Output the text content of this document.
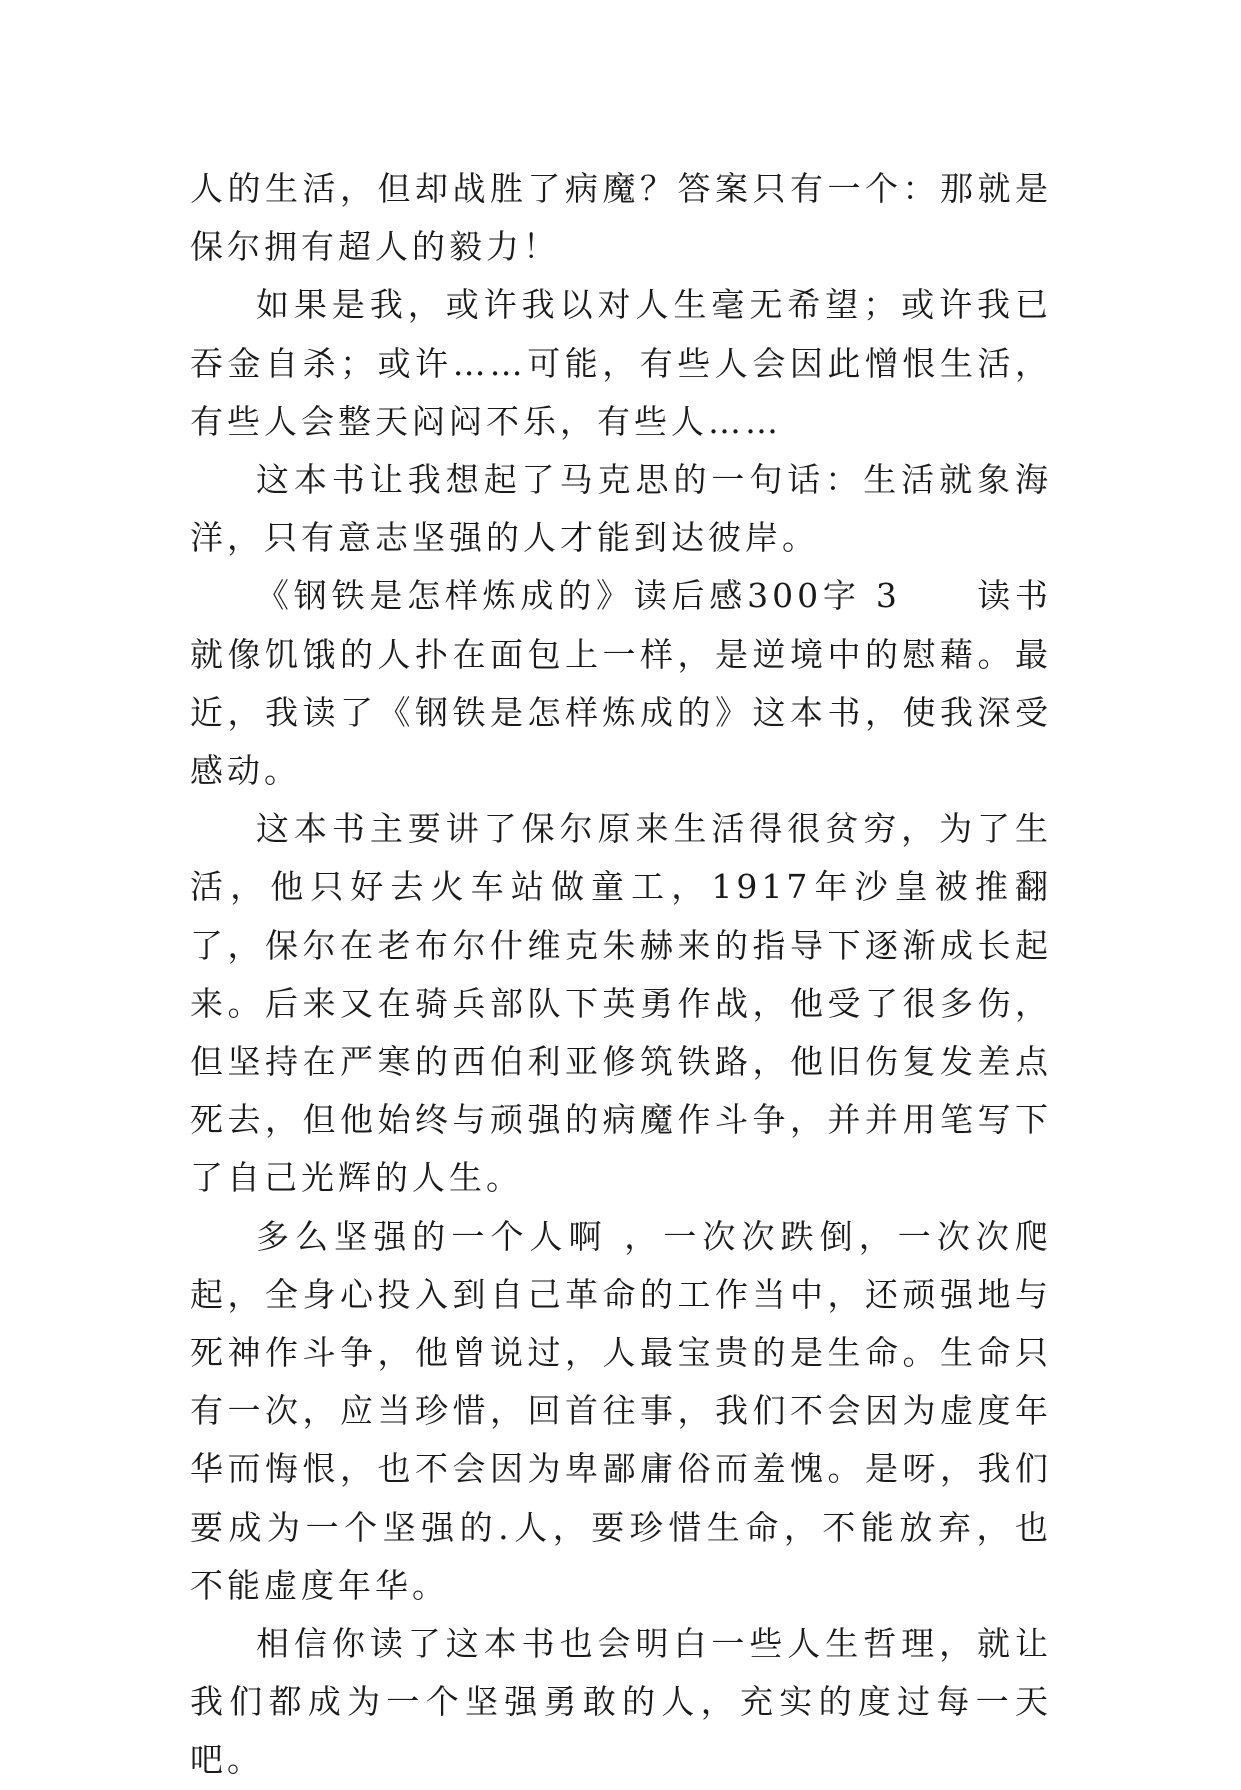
人的生活，但却战胜了病魔？答案只有一个：那就是保尔拥有超人的毅力！

如果是我，或许我以对人生毫无希望；或许我已吞金自杀；或许……可能，有些人会因此憎恨生活，有些人会整天闷闷不乐，有些人……

这本书让我想起了马克思的一句话：生活就象海洋，只有意志坚强的人才能到达彼岸。

《钢铁是怎样炼成的》读后感300字 3　　读书就像饥饿的人扑在面包上一样，是逆境中的慰藉。最近，我读了《钢铁是怎样炼成的》这本书，使我深受感动。

这本书主要讲了保尔原来生活得很贫穷，为了生活，他只好去火车站做童工，1917年沙皇被推翻了，保尔在老布尔什维克朱赫来的指导下逐渐成长起来。后来又在骑兵部队下英勇作战，他受了很多伤，但坚持在严寒的西伯利亚修筑铁路，他旧伤复发差点死去，但他始终与顽强的病魔作斗争，并并用笔写下了自己光辉的人生。

多么坚强的一个人啊 ，一次次跌倒，一次次爬起，全身心投入到自己革命的工作当中，还顽强地与死神作斗争，他曾说过，人最宝贵的是生命。生命只有一次，应当珍惜，回首往事，我们不会因为虚度年华而悔恨，也不会因为卑鄙庸俗而羞愧。是呀，我们要成为一个坚强的.人，要珍惜生命，不能放弃，也不能虚度年华。

相信你读了这本书也会明白一些人生哲理，就让我们都成为一个坚强勇敢的人，充实的度过每一天吧。
